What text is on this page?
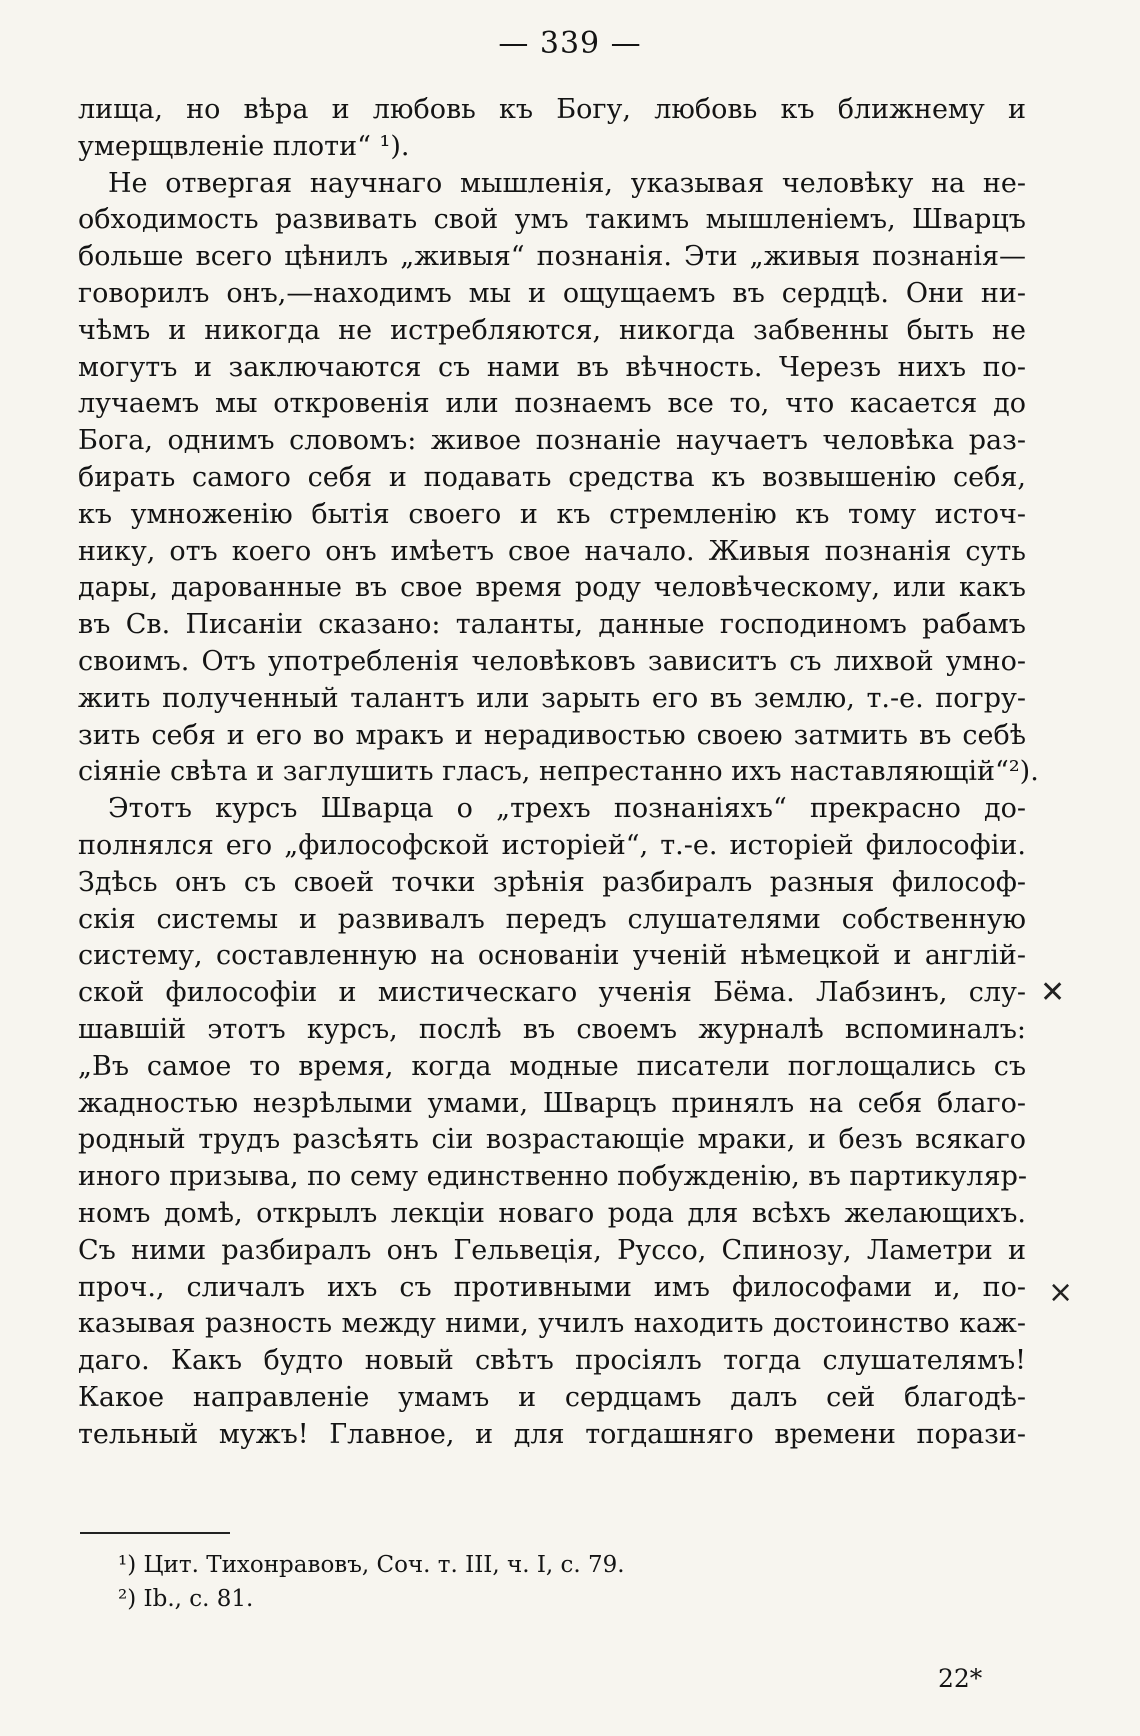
— 339 —
лища, но вѣра и любовь къ Богу, любовь къ ближнему и
умерщвленіе плоти“ ¹).
Не отвергая научнаго мышленія, указывая человѣку на не-
обходимость развивать свой умъ такимъ мышленіемъ, Шварцъ
больше всего цѣнилъ „живыя“ познанія. Эти „живыя познанія—
говорилъ онъ,—находимъ мы и ощущаемъ въ сердцѣ. Они ни-
чѣмъ и никогда не истребляются, никогда забвенны быть не
могутъ и заключаются съ нами въ вѣчность. Черезъ нихъ по-
лучаемъ мы откровенія или познаемъ все то, что касается до
Бога, однимъ словомъ: живое познаніе научаетъ человѣка раз-
бирать самого себя и подавать средства къ возвышенію себя,
къ умноженію бытія своего и къ стремленію къ тому источ-
нику, отъ коего онъ имѣетъ свое начало. Живыя познанія суть
дары, дарованные въ свое время роду человѣческому, или какъ
въ Св. Писаніи сказано: таланты, данные господиномъ рабамъ
своимъ. Отъ употребленія человѣковъ зависитъ съ лихвой умно-
жить полученный талантъ или зарыть его въ землю, т.-е. погру-
зить себя и его во мракъ и нерадивостью своею затмить въ себѣ
сіяніе свѣта и заглушить гласъ, непрестанно ихъ наставляющій“²).
Этотъ курсъ Шварца о „трехъ познаніяхъ“ прекрасно до-
полнялся его „философской исторіей“, т.-е. исторіей философіи.
Здѣсь онъ съ своей точки зрѣнія разбиралъ разныя философ-
скія системы и развивалъ передъ слушателями собственную
систему, составленную на основаніи ученій нѣмецкой и англій-
ской философіи и мистическаго ученія Бёма. Лабзинъ, слу-
шавшій этотъ курсъ, послѣ въ своемъ журналѣ вспоминалъ:
„Въ самое то время, когда модные писатели поглощались съ
жадностью незрѣлыми умами, Шварцъ принялъ на себя благо-
родный трудъ разсѣять сіи возрастающіе мраки, и безъ всякаго
иного призыва, по сему единственно побужденію, въ партикуляр-
номъ домѣ, открылъ лекціи новаго рода для всѣхъ желающихъ.
Съ ними разбиралъ онъ Гельвеція, Руссо, Спинозу, Ламетри и
проч., сличалъ ихъ съ противными имъ философами и, по-
казывая разность между ними, училъ находить достоинство каж-
даго. Какъ будто новый свѣтъ просіялъ тогда слушателямъ!
Какое направленіе умамъ и сердцамъ далъ сей благодѣ-
тельный мужъ! Главное, и для тогдашняго времени порази-
✕
×
¹) Цит. Тихонравовъ, Соч. т. III, ч. I, с. 79.
²) Ib., с. 81.
22*
